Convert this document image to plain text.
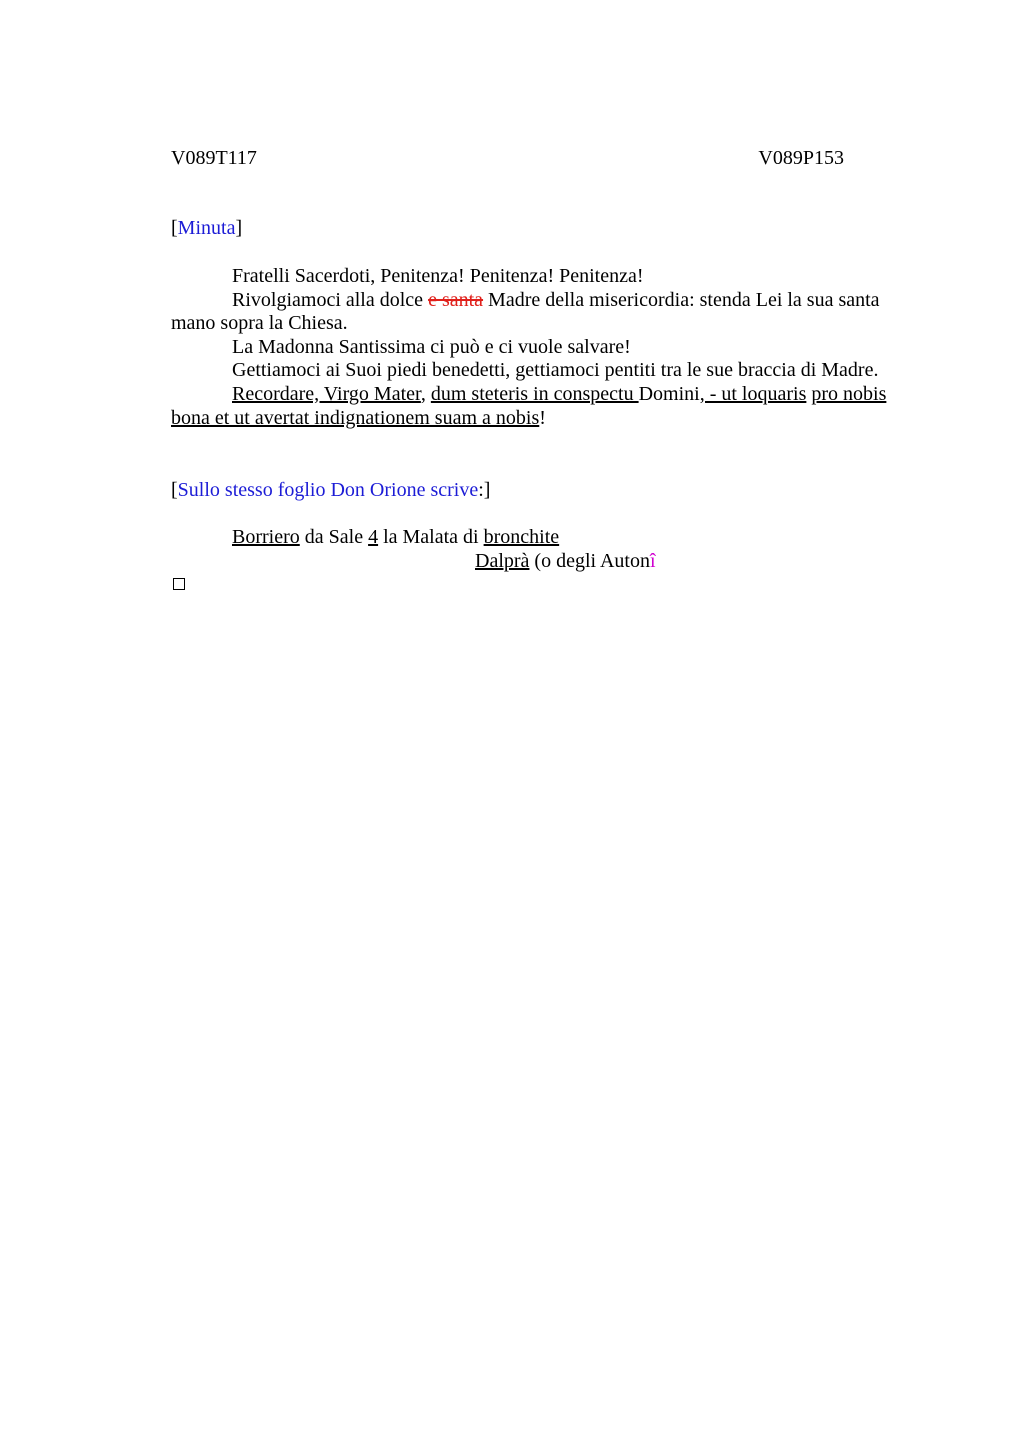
V089T117	V089P153

[Minuta]

Fratelli Sacerdoti, Penitenza! Penitenza! Penitenza!

Rivolgiamoci alla dolce e santa Madre della misericordia: stenda Lei la sua santa mano sopra la Chiesa.

La Madonna Santissima ci può e ci vuole salvare!

Gettiamoci ai Suoi piedi benedetti, gettiamoci pentiti tra le sue braccia di Madre.

Recordare, Virgo Mater, dum steteris in conspectu Domini, - ut loquaris pro nobis bona et ut avertat indignationem suam a nobis!

[Sullo stesso foglio Don Orione scrive:]

Borriero da Sale 4 la Malata di bronchite

Dalprà (o degli Autonî
